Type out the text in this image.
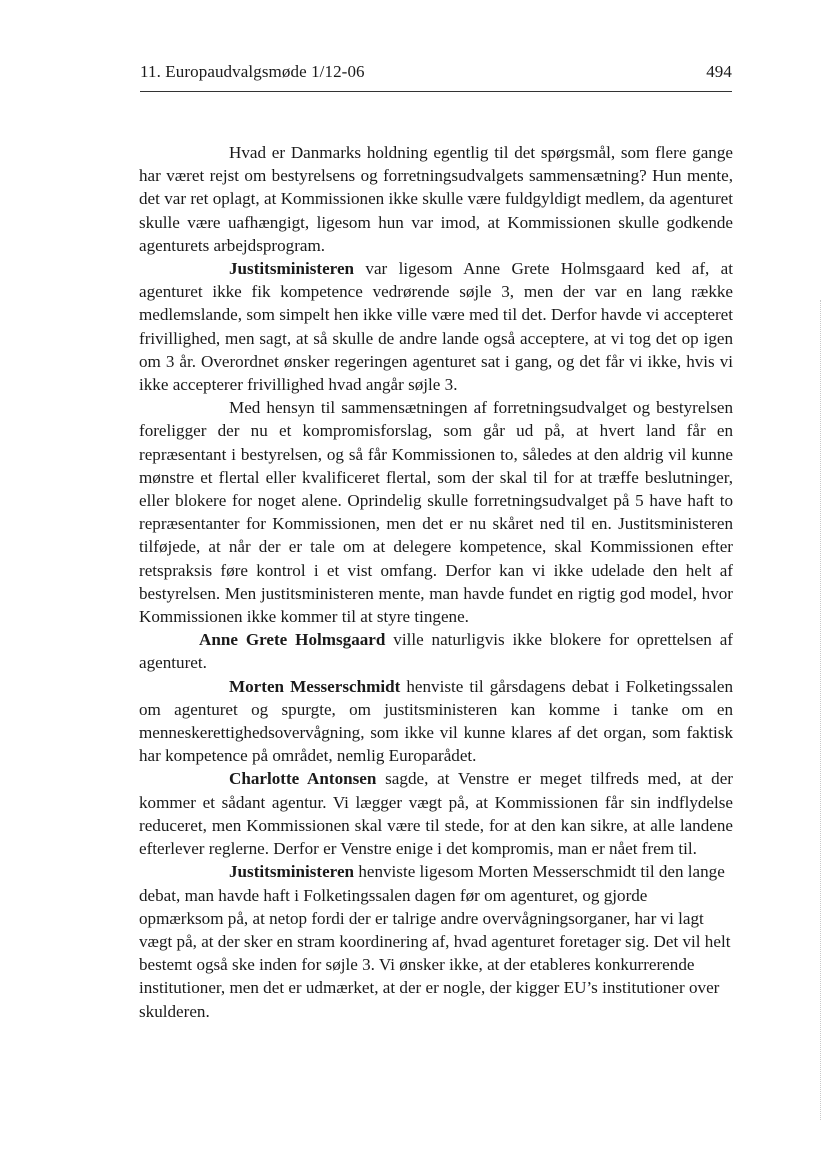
11. Europaudvalgsmøde 1/12-06	494

Hvad er Danmarks holdning egentlig til det spørgsmål, som flere gange har været rejst om bestyrelsens og forretningsudvalgets sammensætning? Hun mente, det var ret oplagt, at Kommissionen ikke skulle være fuldgyldigt medlem, da agenturet skulle være uafhængigt, ligesom hun var imod, at Kommissionen skulle godkende agenturets arbejdsprogram.

Justitsministeren var ligesom Anne Grete Holmsgaard ked af, at agenturet ikke fik kompetence vedrørende søjle 3, men der var en lang række medlemslande, som simpelt hen ikke ville være med til det. Derfor havde vi accepteret frivillighed, men sagt, at så skulle de andre lande også acceptere, at vi tog det op igen om 3 år. Overordnet ønsker regeringen agenturet sat i gang, og det får vi ikke, hvis vi ikke accepterer frivillighed hvad angår søjle 3.

Med hensyn til sammensætningen af forretningsudvalget og bestyrelsen foreligger der nu et kompromisforslag, som går ud på, at hvert land får en repræsentant i bestyrelsen, og så får Kommissionen to, således at den aldrig vil kunne mønstre et flertal eller kvalificeret flertal, som der skal til for at træffe beslutninger, eller blokere for noget alene. Oprindelig skulle forretningsudvalget på 5 have haft to repræsentanter for Kommissionen, men det er nu skåret ned til en. Justitsministeren tilføjede, at når der er tale om at delegere kompetence, skal Kommissionen efter retspraksis føre kontrol i et vist omfang. Derfor kan vi ikke udelade den helt af bestyrelsen. Men justitsministeren mente, man havde fundet en rigtig god model, hvor Kommissionen ikke kommer til at styre tingene.

Anne Grete Holmsgaard ville naturligvis ikke blokere for oprettelsen af agenturet.

Morten Messerschmidt henviste til gårsdagens debat i Folketingssalen om agenturet og spurgte, om justitsministeren kan komme i tanke om en menneskerettighedsovervågning, som ikke vil kunne klares af det organ, som faktisk har kompetence på området, nemlig Europarådet.

Charlotte Antonsen sagde, at Venstre er meget tilfreds med, at der kommer et sådant agentur. Vi lægger vægt på, at Kommissionen får sin indflydelse reduceret, men Kommissionen skal være til stede, for at den kan sikre, at alle landene efterlever reglerne. Derfor er Venstre enige i det kompromis, man er nået frem til.

Justitsministeren henviste ligesom Morten Messerschmidt til den lange debat, man havde haft i Folketingssalen dagen før om agenturet, og gjorde opmærksom på, at netop fordi der er talrige andre overvågningsorganer, har vi lagt vægt på, at der sker en stram koordinering af, hvad agenturet foretager sig. Det vil helt bestemt også ske inden for søjle 3. Vi ønsker ikke, at der etableres konkurrerende institutioner, men det er udmærket, at der er nogle, der kigger EU’s institutioner over skulderen.
